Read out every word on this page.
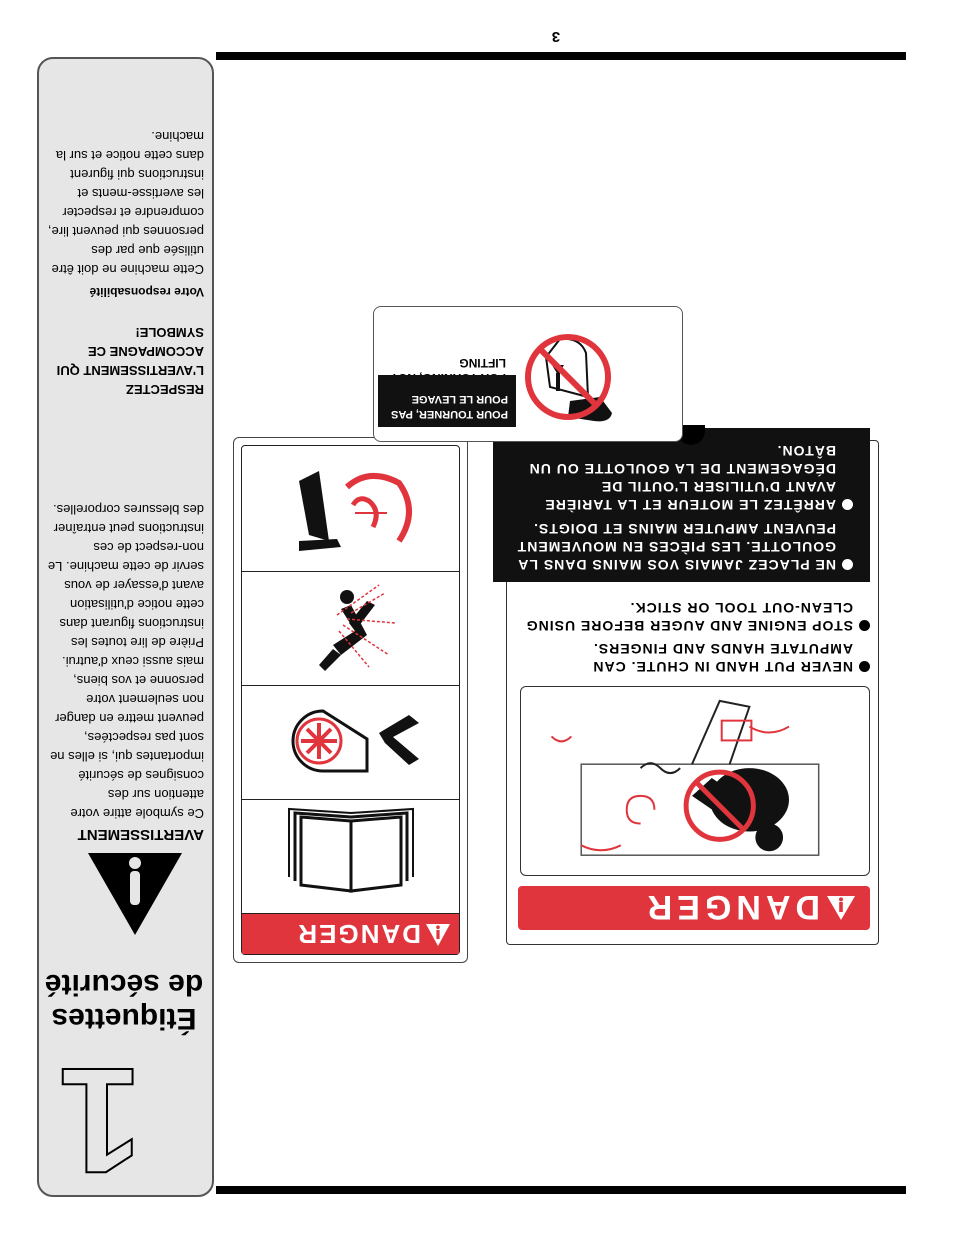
3
1
Étiquettes de sécurité
AVERTISSEMENT
Ce symbole attire votre attention sur des consignes de sécurité importantes qui, si elles ne sont pas respectées, peuvent mettre en danger non seulement votre personne et vos biens, mais aussi ceux d'autrui. Prière de lire toutes les instructions figurant dans cette notice d'utilisation avant d'essayer de vous servir de cette machine. Le non-respect de ces instructions peut entraîner des blessures corporelles.
RESPECTEZ L'AVERTISSEMENT QUI ACCOMPAGNE CE SYMBOLE!
Votre responsabilité
Cette machine ne doit être utilisée que par des personnes qui peuvent lire, comprendre et respecter les avertisse-ments et instructions qui figurent dans cette notice et sur la machine.
DANGER
NEVER PUT HAND IN CHUTE. CAN AMPUTATE HANDS AND FINGERS.
STOP ENGINE AND AUGER BEFORE USING CLEAN-OUT TOOL OR STICK.
NE PLACEZ JAMAIS VOS MAINS DANS LA GOULOTTE. LES PIÈCES EN MOUVEMENT PEUVENT AMPUTER MAINS ET DOIGTS.
ARRÊTEZ LE MOTEUR ET LA TARIÈRE AVANT D'UTILISER L'OUTIL DE DÉGAGEMENT DE LA GOULOTTE OU UN BÂTON.
DANGER
LIFTING
POUR TOURNER, PAS POUR LE LEVAGE
